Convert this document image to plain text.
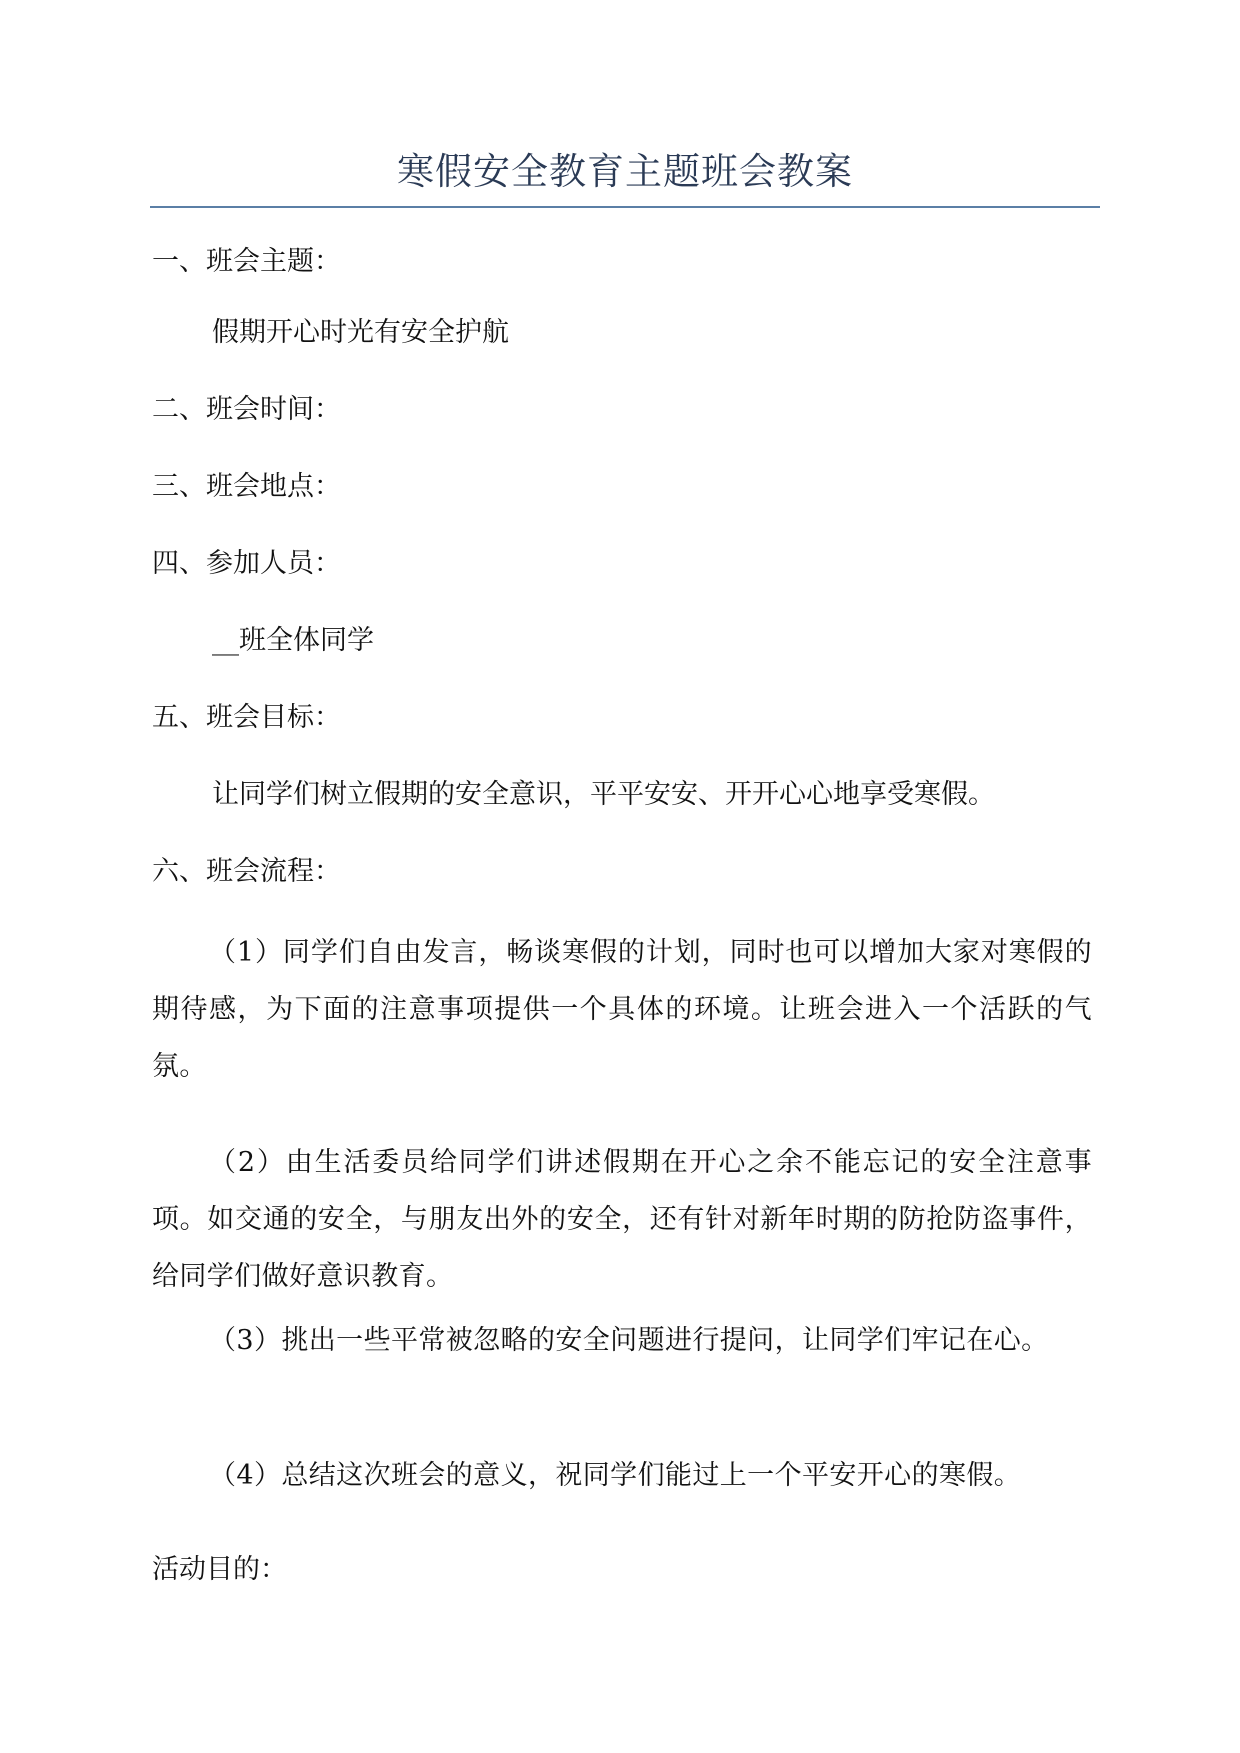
寒假安全教育主题班会教案
一、班会主题：
假期开心时光有安全护航
二、班会时间：
三、班会地点：
四、参加人员：
__班全体同学
五、班会目标：
让同学们树立假期的安全意识，平平安安、开开心心地享受寒假。
六、班会流程：
（1）同学们自由发言，畅谈寒假的计划，同时也可以增加大家对寒假的期待感，为下面的注意事项提供一个具体的环境。让班会进入一个活跃的气氛。
（2）由生活委员给同学们讲述假期在开心之余不能忘记的安全注意事项。如交通的安全，与朋友出外的安全，还有针对新年时期的防抢防盗事件，给同学们做好意识教育。
（3）挑出一些平常被忽略的安全问题进行提问，让同学们牢记在心。
（4）总结这次班会的意义，祝同学们能过上一个平安开心的寒假。
活动目的：
